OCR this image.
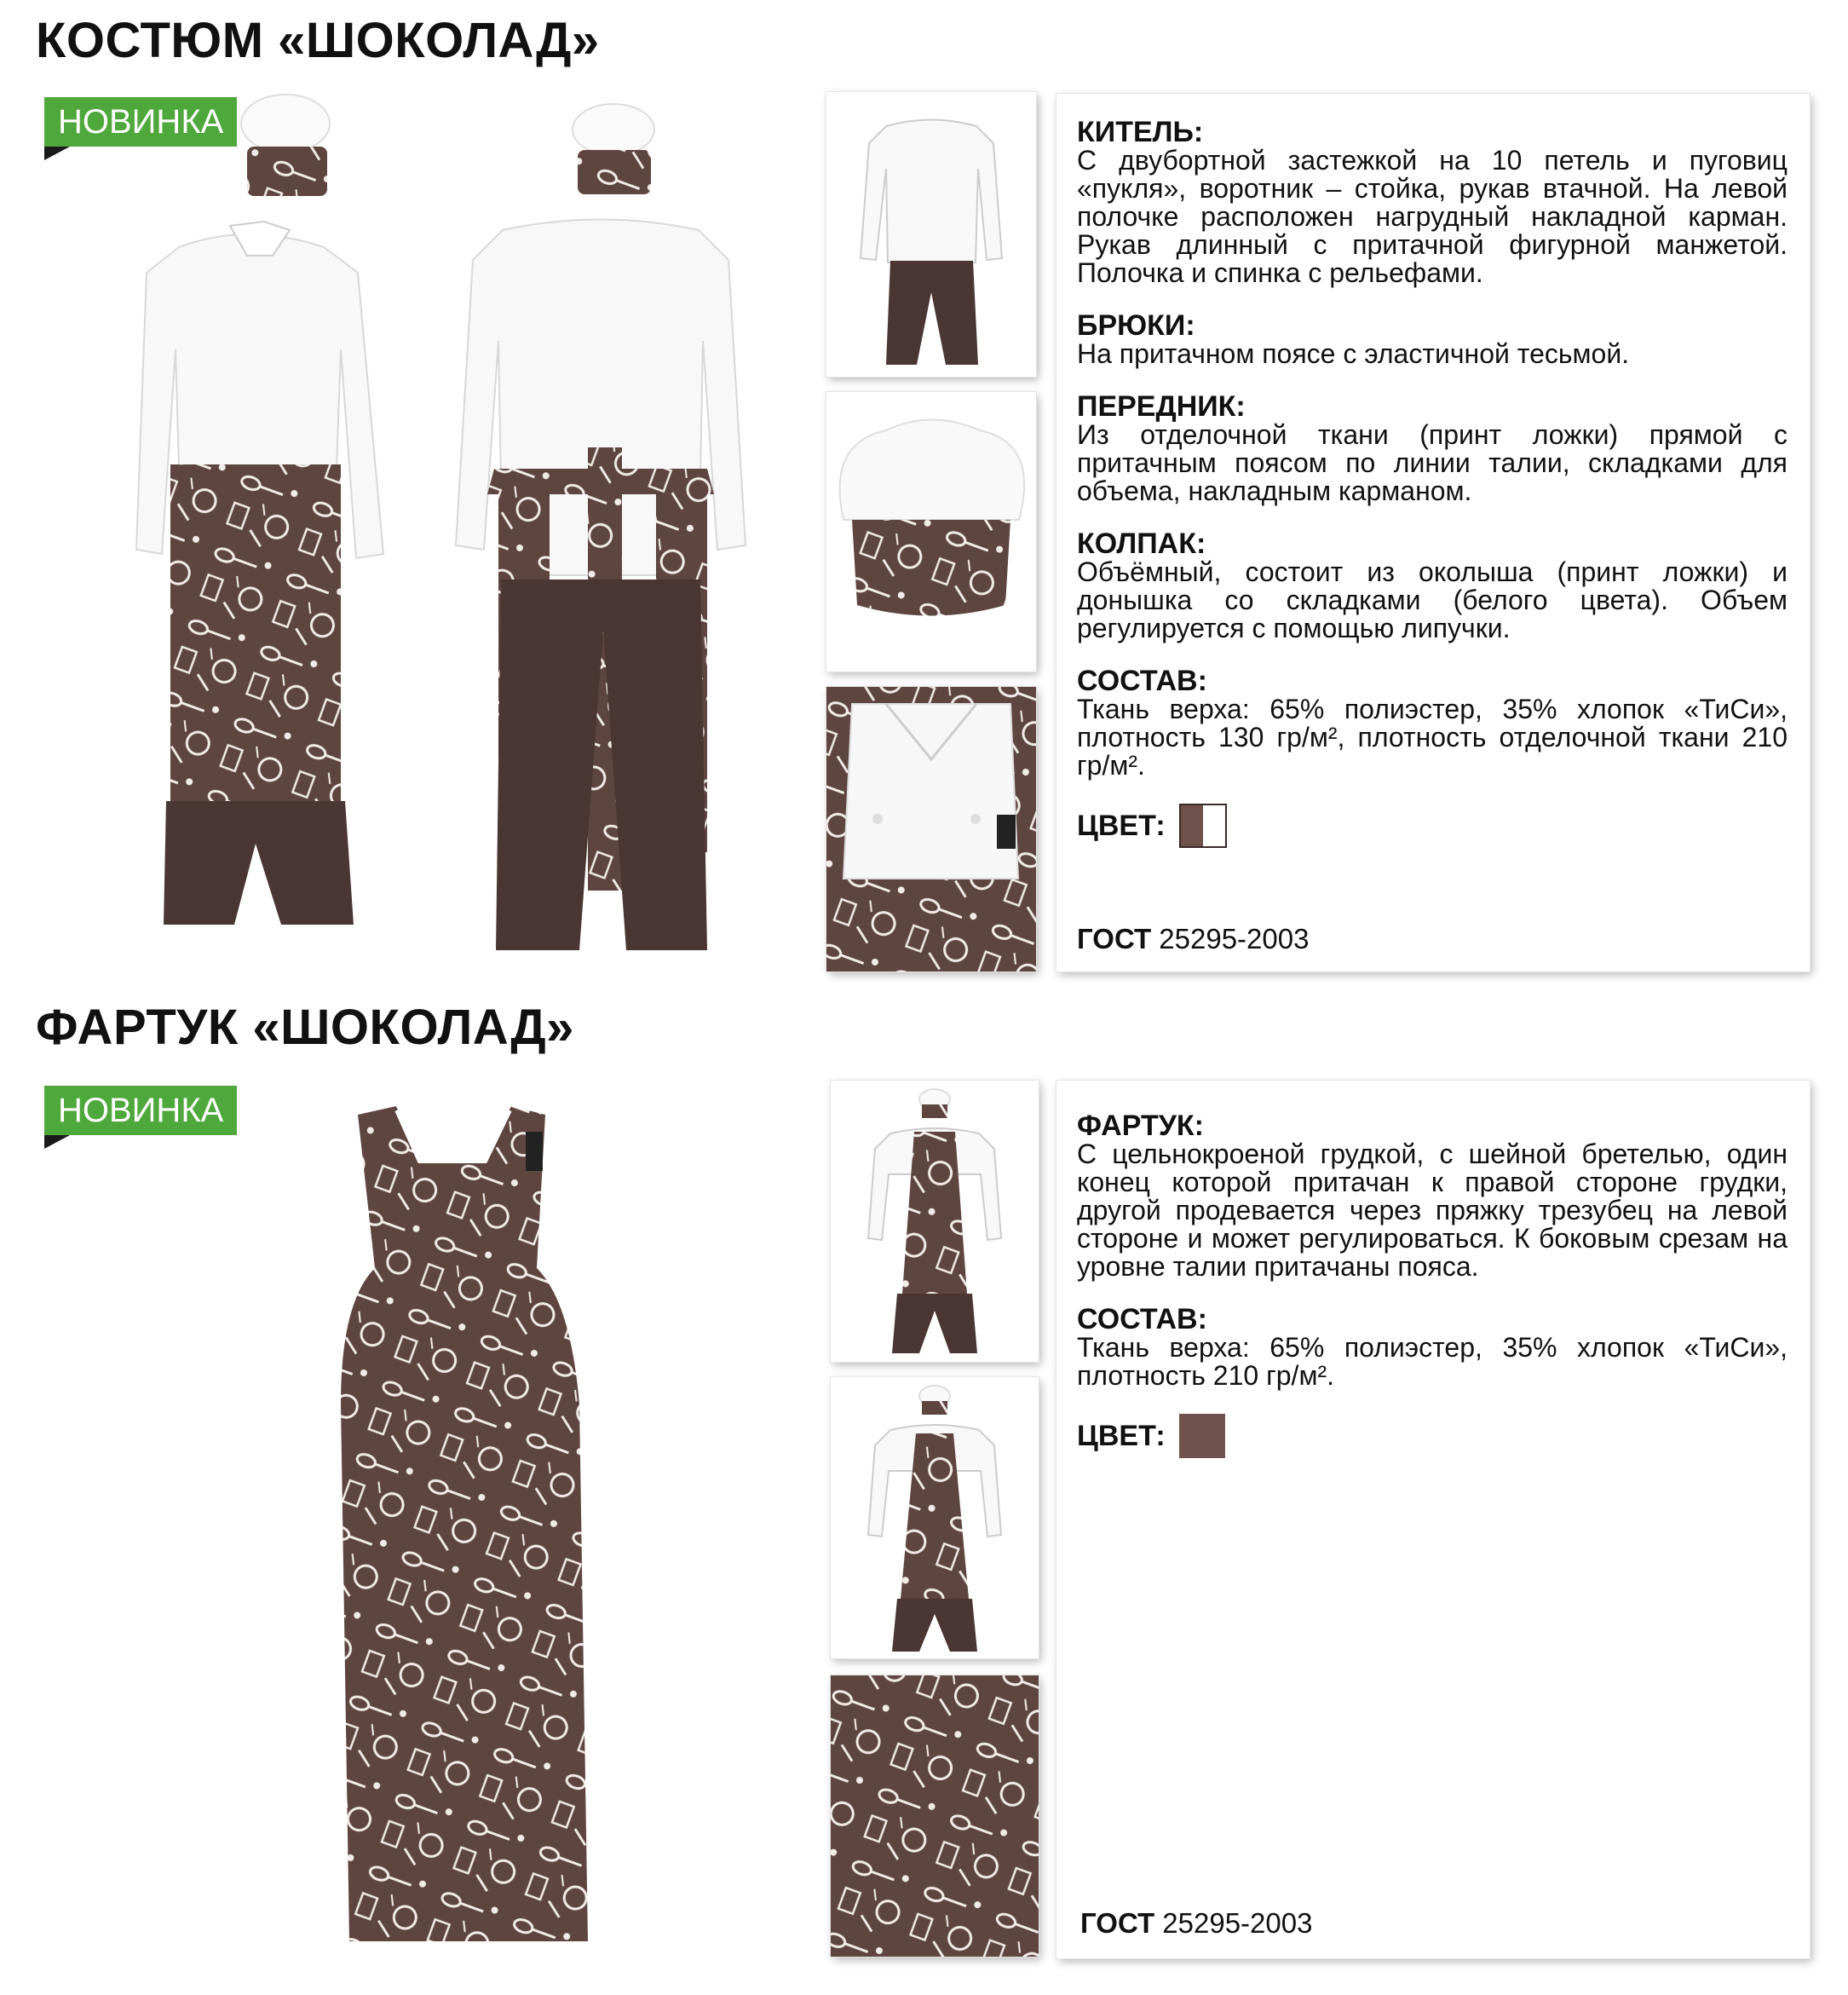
КОСТЮМ «ШОКОЛАД»
НОВИНКА	КИТЕЛЬ:
С двубортной застежкой на 10 петель и пуговиц «пукля», воротник – стойка, рукав втачной. На левой полочке расположен нагрудный накладной карман. Рукав длинный с притачной фигурной манжетой. Полочка и спинка с рельефами.
БРЮКИ:
На притачном поясе с эластичной тесьмой.
ПЕРЕДНИК:
Из отделочной ткани (принт ложки) прямой с притачным поясом по линии талии, складками для объема, накладным карманом.
КОЛПАК:
Объёмный, состоит из околыша (принт ложки) и донышка со складками (белого цвета). Объем регулируется с помощью липучки.
СОСТАВ:
Ткань верха: 65% полиэстер, 35% хлопок «ТиСи», плотность 130 гр/м², плотность отделочной ткани 210 гр/м².
ЦВЕТ:
ГОСТ 25295-2003
ФАРТУК «ШОКОЛАД»
НОВИНКА	ФАРТУК:
С цельнокроеной грудкой, с шейной бретелью, один конец которой притачан к правой стороне грудки, другой продевается через пряжку трезубец на левой стороне и может регулироваться. К боковым срезам на уровне талии притачаны пояса.
СОСТАВ:
Ткань верха: 65% полиэстер, 35% хлопок «ТиСи», плотность 210 гр/м².
ЦВЕТ:
ГОСТ 25295-2003
